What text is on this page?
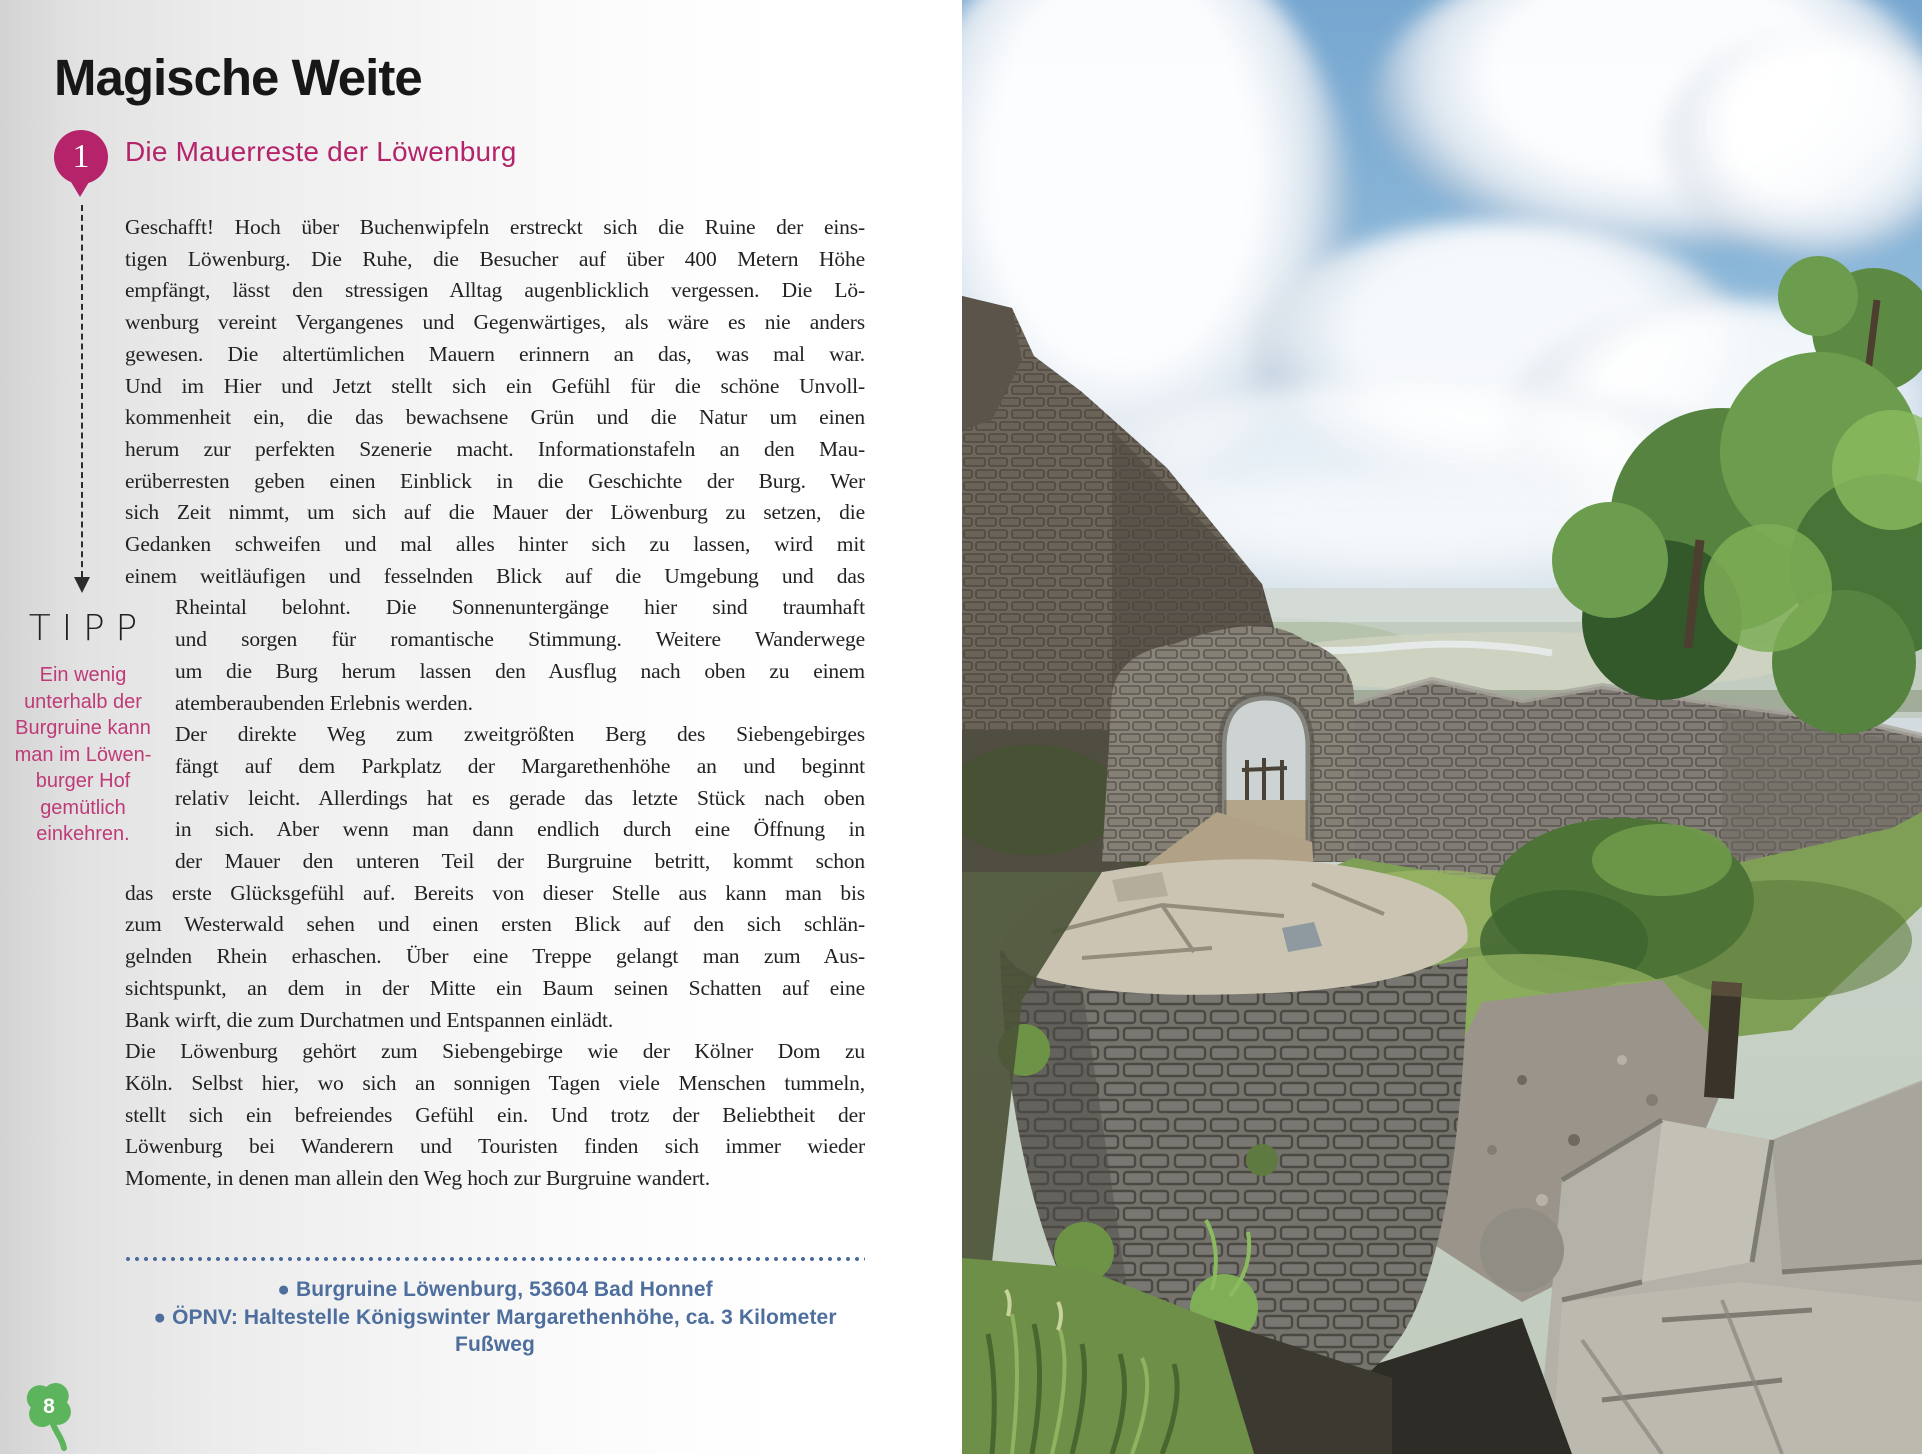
Magische Weite
1 Die Mauerreste der Löwenburg
TIPP
Ein wenig
unterhalb der
Burgruine kann
man im Löwen-
burger Hof
gemütlich
einkehren.
Geschafft! Hoch über Buchenwipfeln erstreckt sich die Ruine der eins-
tigen Löwenburg. Die Ruhe, die Besucher auf über 400 Metern Höhe
empfängt, lässt den stressigen Alltag augenblicklich vergessen. Die Lö-
wenburg vereint Vergangenes und Gegenwärtiges, als wäre es nie anders
gewesen. Die altertümlichen Mauern erinnern an das, was mal war.
Und im Hier und Jetzt stellt sich ein Gefühl für die schöne Unvoll-
kommenheit ein, die das bewachsene Grün und die Natur um einen
herum zur perfekten Szenerie macht. Informationstafeln an den Mau-
erüberresten geben einen Einblick in die Geschichte der Burg. Wer
sich Zeit nimmt, um sich auf die Mauer der Löwenburg zu setzen, die
Gedanken schweifen und mal alles hinter sich zu lassen, wird mit
einem weitläufigen und fesselnden Blick auf die Umgebung und das
Rheintal belohnt. Die Sonnenuntergänge hier sind traumhaft
und sorgen für romantische Stimmung. Weitere Wanderwege
um die Burg herum lassen den Ausflug nach oben zu einem
atemberaubenden Erlebnis werden.
Der direkte Weg zum zweitgrößten Berg des Siebengebirges
fängt auf dem Parkplatz der Margarethenhöhe an und beginnt
relativ leicht. Allerdings hat es gerade das letzte Stück nach oben
in sich. Aber wenn man dann endlich durch eine Öffnung in
der Mauer den unteren Teil der Burgruine betritt, kommt schon
das erste Glücksgefühl auf. Bereits von dieser Stelle aus kann man bis
zum Westerwald sehen und einen ersten Blick auf den sich schlän-
gelnden Rhein erhaschen. Über eine Treppe gelangt man zum Aus-
sichtspunkt, an dem in der Mitte ein Baum seinen Schatten auf eine
Bank wirft, die zum Durchatmen und Entspannen einlädt.
Die Löwenburg gehört zum Siebengebirge wie der Kölner Dom zu
Köln. Selbst hier, wo sich an sonnigen Tagen viele Menschen tummeln,
stellt sich ein befreiendes Gefühl ein. Und trotz der Beliebtheit der
Löwenburg bei Wanderern und Touristen finden sich immer wieder
Momente, in denen man allein den Weg hoch zur Burgruine wandert.
● Burgruine Löwenburg, 53604 Bad Honnef
● ÖPNV: Haltestelle Königswinter Margarethenhöhe, ca. 3 Kilometer Fußweg
8
